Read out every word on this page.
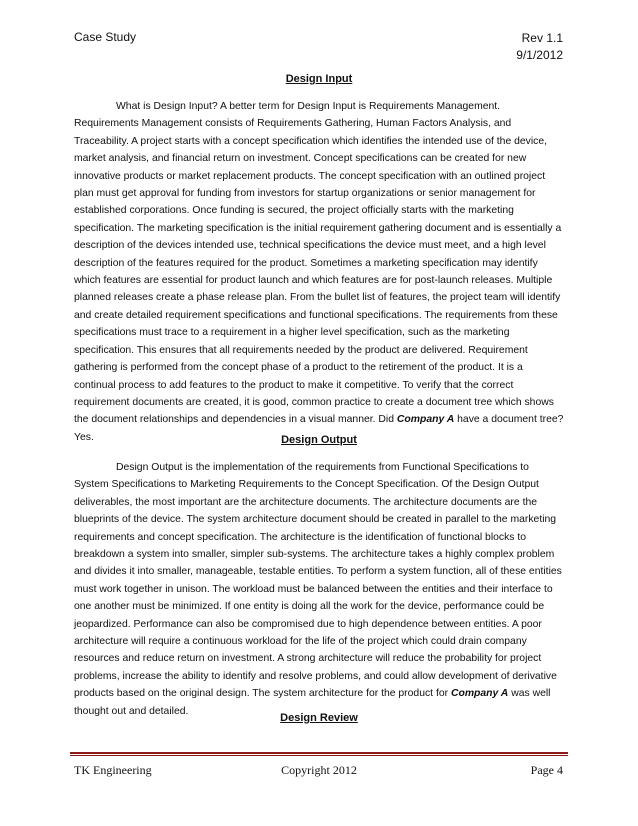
Case Study	Rev 1.1
9/1/2012
Design Input

What is Design Input? A better term for Design Input is Requirements Management. Requirements Management consists of Requirements Gathering, Human Factors Analysis, and Traceability. A project starts with a concept specification which identifies the intended use of the device, market analysis, and financial return on investment. Concept specifications can be created for new innovative products or market replacement products. The concept specification with an outlined project plan must get approval for funding from investors for startup organizations or senior management for established corporations. Once funding is secured, the project officially starts with the marketing specification. The marketing specification is the initial requirement gathering document and is essentially a description of the devices intended use, technical specifications the device must meet, and a high level description of the features required for the product. Sometimes a marketing specification may identify which features are essential for product launch and which features are for post-launch releases. Multiple planned releases create a phase release plan. From the bullet list of features, the project team will identify and create detailed requirement specifications and functional specifications. The requirements from these specifications must trace to a requirement in a higher level specification, such as the marketing specification. This ensures that all requirements needed by the product are delivered. Requirement gathering is performed from the concept phase of a product to the retirement of the product. It is a continual process to add features to the product to make it competitive. To verify that the correct requirement documents are created, it is good, common practice to create a document tree which shows the document relationships and dependencies in a visual manner. Did Company A have a document tree? Yes.	Design Output

Design Output is the implementation of the requirements from Functional Specifications to System Specifications to Marketing Requirements to the Concept Specification. Of the Design Output deliverables, the most important are the architecture documents. The architecture documents are the blueprints of the device. The system architecture document should be created in parallel to the marketing requirements and concept specification. The architecture is the identification of functional blocks to breakdown a system into smaller, simpler sub-systems. The architecture takes a highly complex problem and divides it into smaller, manageable, testable entities. To perform a system function, all of these entities must work together in unison. The workload must be balanced between the entities and their interface to one another must be minimized. If one entity is doing all the work for the device, performance could be jeopardized. Performance can also be compromised due to high dependence between entities. A poor architecture will require a continuous workload for the life of the project which could drain company resources and reduce return on investment. A strong architecture will reduce the probability for project problems, increase the ability to identify and resolve problems, and could allow development of derivative products based on the original design. The system architecture for the product for Company A was well thought out and detailed.

Design Review
TK Engineering	Copyright 2012	Page 4
